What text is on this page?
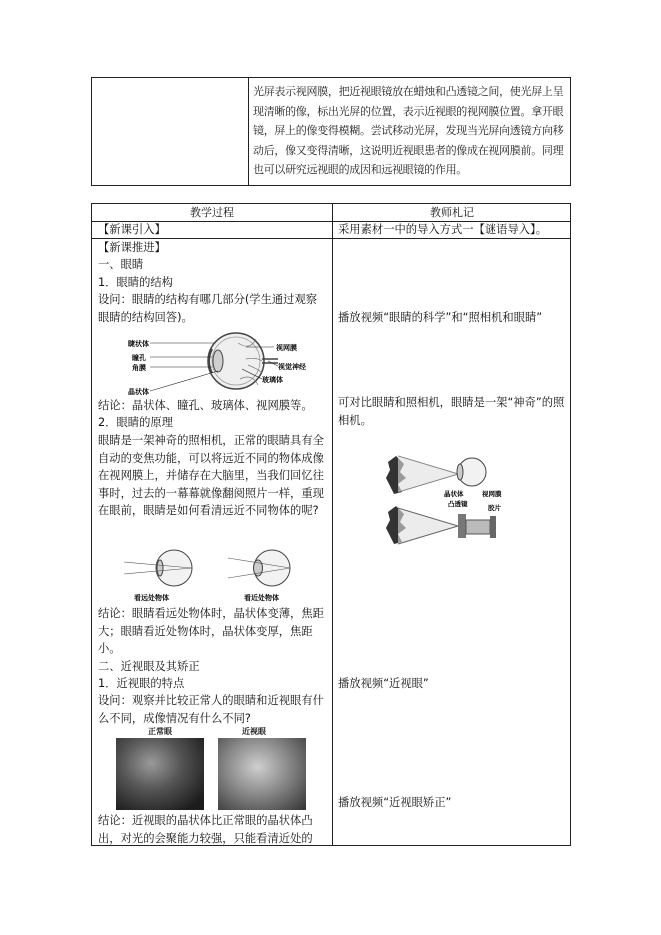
光屏表示视网膜，把近视眼镜放在蜡烛和凸透镜之间，使光屏上呈现清晰的像，标出光屏的位置，表示近视眼的视网膜位置。拿开眼镜，屏上的像变得模糊。尝试移动光屏，发现当光屏向透镜方向移动后，像又变得清晰，这说明近视眼患者的像成在视网膜前。同理也可以研究远视眼的成因和远视眼镜的作用。
教学过程	教师札记
【新课引入】	采用素材一中的导入方式一【谜语导入】。
【新课推进】
一、眼睛
1．眼睛的结构
设问：眼睛的结构有哪几部分(学生通过观察眼睛的结构回答)。
睫状体
瞳孔
角膜
晶状体
视网膜
视觉神经
玻璃体
结论：晶状体、瞳孔、玻璃体、视网膜等。
2．眼睛的原理
眼睛是一架神奇的照相机，正常的眼睛具有全自动的变焦功能，可以将远近不同的物体成像在视网膜上，并储存在大脑里，当我们回忆往事时，过去的一幕幕就像翻阅照片一样，重现在眼前，眼睛是如何看清远近不同物体的呢?
看远处物体	看近处物体
结论：眼睛看远处物体时，晶状体变薄，焦距大；眼睛看近处物体时，晶状体变厚，焦距小。
二、近视眼及其矫正
1．近视眼的特点
设问：观察并比较正常人的眼睛和近视眼有什么不同，成像情况有什么不同?
正常眼	近视眼
结论：近视眼的晶状体比正常眼的晶状体凸出，对光的会聚能力较强，只能看清近处的
播放视频“眼睛的科学”和“照相机和眼睛”
可对比眼睛和照相机，眼睛是一架“神奇”的照相机。
晶状体	视网膜
凸透镜	胶片
播放视频“近视眼”
播放视频“近视眼矫正”
